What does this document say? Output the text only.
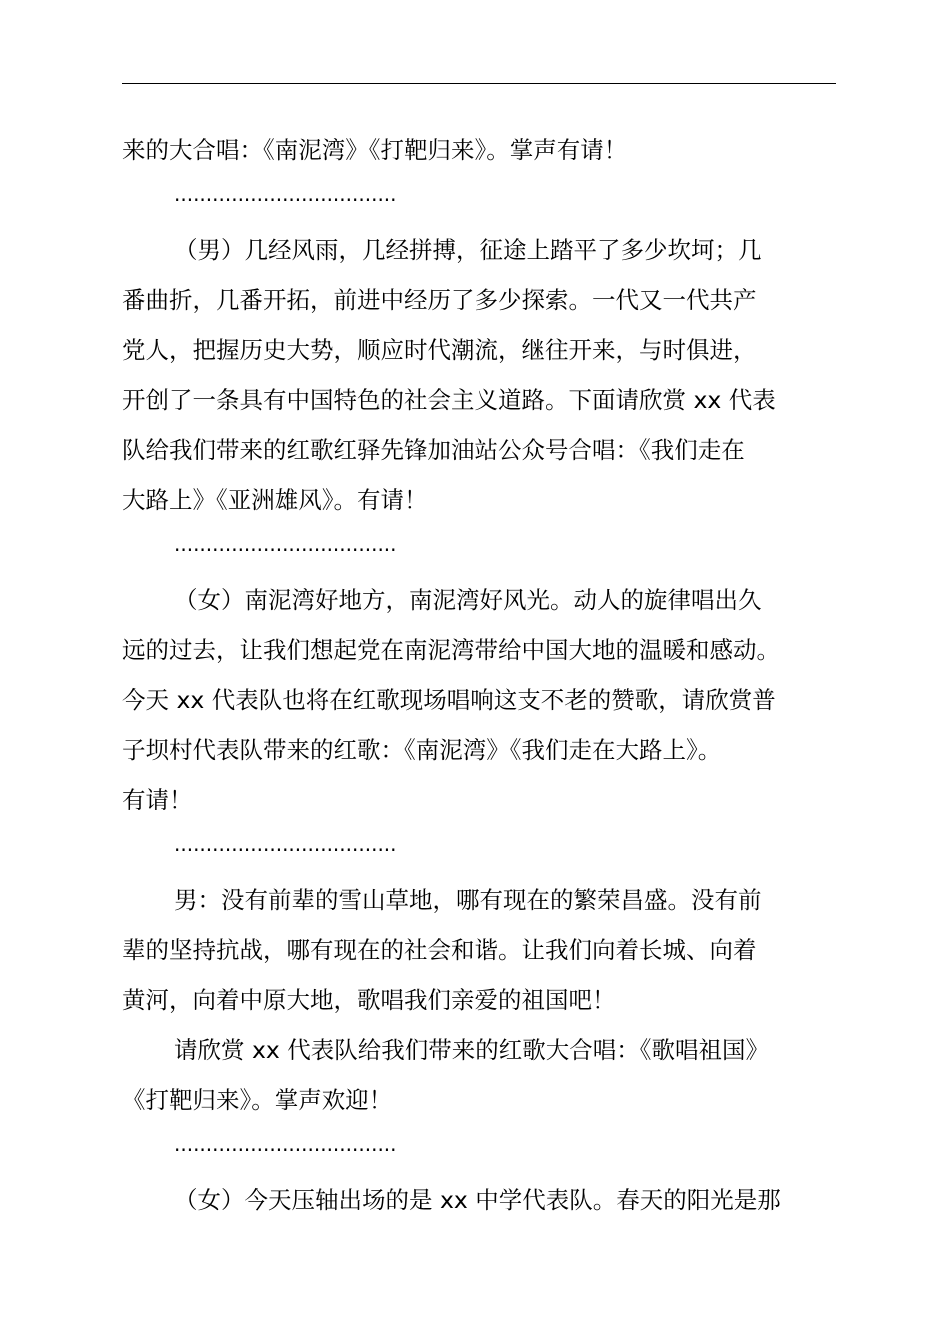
来的大合唱：《南泥湾》《打靶归来》。掌声有请！
···································
（男）几经风雨，几经拼搏，征途上踏平了多少坎坷；几
番曲折，几番开拓，前进中经历了多少探索。一代又一代共产
党人，把握历史大势，顺应时代潮流，继往开来，与时俱进，
开创了一条具有中国特色的社会主义道路。下面请欣赏 xx 代表
队给我们带来的红歌红驿先锋加油站公众号合唱：《我们走在
大路上》《亚洲雄风》。有请！
···································
（女）南泥湾好地方，南泥湾好风光。动人的旋律唱出久
远的过去，让我们想起党在南泥湾带给中国大地的温暖和感动。
今天 xx 代表队也将在红歌现场唱响这支不老的赞歌，请欣赏普
子坝村代表队带来的红歌：《南泥湾》《我们走在大路上》。
有请！
···································
男：没有前辈的雪山草地，哪有现在的繁荣昌盛。没有前
辈的坚持抗战，哪有现在的社会和谐。让我们向着长城、向着
黄河，向着中原大地，歌唱我们亲爱的祖国吧！
请欣赏 xx 代表队给我们带来的红歌大合唱：《歌唱祖国》
《打靶归来》。掌声欢迎！
···································
（女）今天压轴出场的是 xx 中学代表队。春天的阳光是那
